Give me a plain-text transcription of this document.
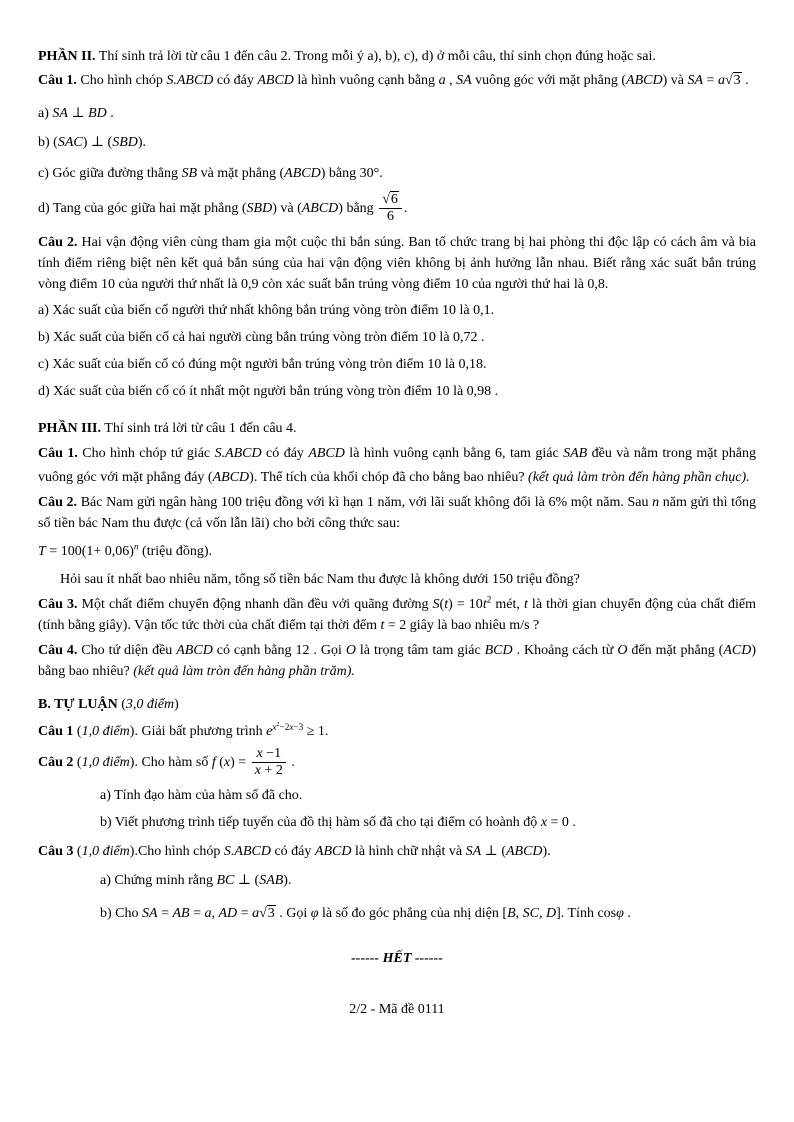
PHẦN II. Thí sinh trả lời từ câu 1 đến câu 2. Trong mỗi ý a), b), c), d) ở mỗi câu, thí sinh chọn đúng hoặc sai.

Câu 1. Cho hình chóp S.ABCD có đáy ABCD là hình vuông cạnh bằng a , SA vuông góc với mặt phẳng (ABCD) và SA = a√3 .

a) SA ⊥ BD .

b) (SAC) ⊥ (SBD).

c) Góc giữa đường thẳng SB và mặt phẳng (ABCD) bằng 30°.

d) Tang của góc giữa hai mặt phẳng (SBD) và (ABCD) bằng $\frac{√6}{6}$ .

Câu 2. Hai vận động viên cùng tham gia một cuộc thi bắn súng. Ban tổ chức trang bị hai phòng thi độc lập có cách âm và bia tính điểm riêng biệt nên kết quả bắn súng của hai vận động viên không bị ảnh hưởng lẫn nhau. Biết rằng xác suất bắn trúng vòng điểm 10 của người thứ nhất là 0,9 còn xác suất bắn trúng vòng điểm 10 của người thứ hai là 0,8.

a) Xác suất của biến cố người thứ nhất không bắn trúng vòng tròn điểm 10 là 0,1.

b) Xác suất của biến cố cả hai người cùng bắn trúng vòng tròn điểm 10 là 0,72 .

c) Xác suất của biến cố có đúng một người bắn trúng vòng tròn điểm 10 là 0,18.

d) Xác suất của biến cố có ít nhất một người bắn trúng vòng tròn điểm 10 là 0,98 .

PHẦN III. Thí sinh trả lời từ câu 1 đến câu 4.

Câu 1. Cho hình chóp tứ giác S.ABCD có đáy ABCD là hình vuông cạnh bằng 6, tam giác SAB đều và nằm trong mặt phẳng vuông góc với mặt phẳng đáy (ABCD). Thể tích của khối chóp đã cho bằng bao nhiêu? (kết quả làm tròn đến hàng phần chục).

Câu 2. Bác Nam gửi ngân hàng 100 triệu đồng với kì hạn 1 năm, với lãi suất không đổi là 6% một năm. Sau n năm gửi thì tổng số tiền bác Nam thu được (cả vốn lẫn lãi) cho bởi công thức sau:

$T = 100(1+ 0,06)^n$ (triệu đồng).

Hỏi sau ít nhất bao nhiêu năm, tổng số tiền bác Nam thu được là không dưới 150 triệu đồng?

Câu 3. Một chất điểm chuyển động nhanh dần đều với quãng đường $S(t) = 10t^2$ mét, t là thời gian chuyển động của chất điểm (tính bằng giây). Vận tốc tức thời của chất điểm tại thời đểm t = 2 giây là bao nhiêu m/s ?

Câu 4. Cho tứ diện đều ABCD có cạnh bằng 12 . Gọi O là trọng tâm tam giác BCD . Khoảng cách từ O đến mặt phẳng (ACD) bằng bao nhiêu? (kết quả làm tròn đến hàng phần trăm).

B. TỰ LUẬN (3,0 điểm)

Câu 1 (1,0 điểm). Giải bất phương trình $e^{x^2-2x-3} \ge 1$.

Câu 2 (1,0 điểm). Cho hàm số f $(x) = \frac{x -1}{x + 2}$ .

a) Tính đạo hàm của hàm số đã cho.

b) Viết phương trình tiếp tuyến của đồ thị hàm số đã cho tại điểm có hoành độ x = 0 .

Câu 3 (1,0 điểm).Cho hình chóp S.ABCD có đáy ABCD là hình chữ nhật và SA ⊥ (ABCD).

a) Chứng minh rằng BC ⊥ (SAB).

b) Cho SA = AB = a, AD = a√3 . Gọi φ là số đo góc phẳng của nhị diện [B, SC, D]. Tính cosφ .

------ HẾT ------
2/2 - Mã đề 0111
